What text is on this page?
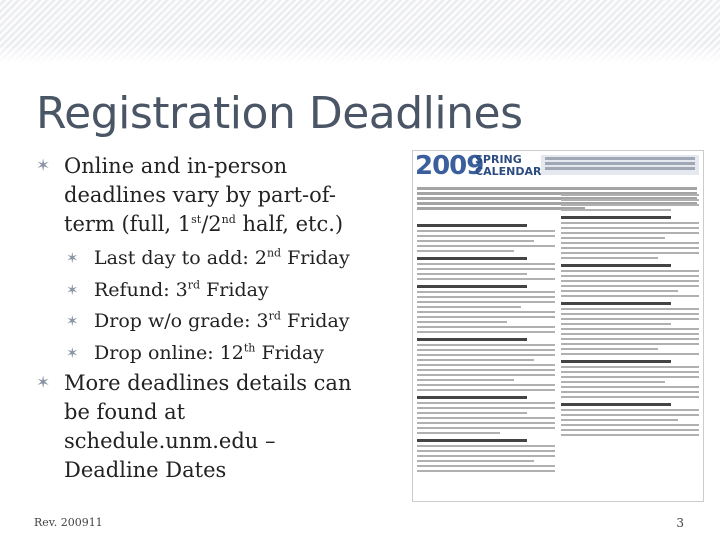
Registration Deadlines
✶ Online and in-person deadlines vary by part-of-term (full, 1st/2nd half, etc.)
✶ Last day to add: 2nd Friday
✶ Refund: 3rd Friday
✶ Drop w/o grade: 3rd Friday
✶ Drop online: 12th Friday
✶ More deadlines details can be found at schedule.unm.edu – Deadline Dates
2009
SPRING
CALENDAR
Rev. 200911	3
